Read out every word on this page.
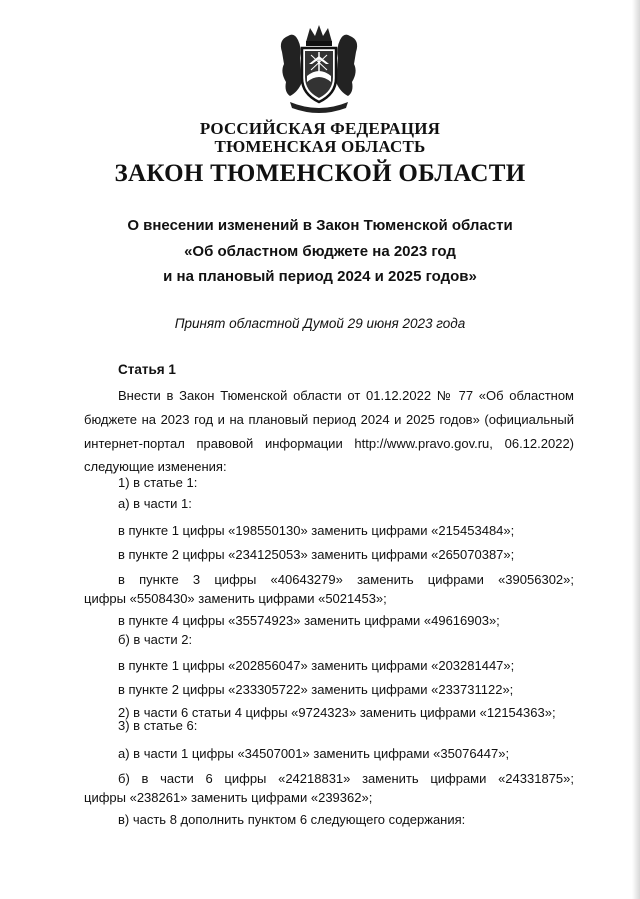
РОССИЙСКАЯ ФЕДЕРАЦИЯ
ТЮМЕНСКАЯ ОБЛАСТЬ
ЗАКОН ТЮМЕНСКОЙ ОБЛАСТИ
О внесении изменений в Закон Тюменской области
«Об областном бюджете на 2023 год
и на плановый период 2024 и 2025 годов»
Принят областной Думой 29 июня 2023 года
Статья 1
Внести в Закон Тюменской области от 01.12.2022 № 77 «Об областном
бюджете на 2023 год и на плановый период 2024 и 2025 годов» (официальный
интернет-портал правовой информации http://www.pravo.gov.ru, 06.12.2022)
следующие изменения:
1) в статье 1:
а) в части 1:
в пункте 1 цифры «198550130» заменить цифрами «215453484»;
в пункте 2 цифры «234125053» заменить цифрами «265070387»;
в пункте 3 цифры «40643279» заменить цифрами «39056302»;
цифры «5508430» заменить цифрами «5021453»;
в пункте 4 цифры «35574923» заменить цифрами «49616903»;
б) в части 2:
в пункте 1 цифры «202856047» заменить цифрами «203281447»;
в пункте 2 цифры «233305722» заменить цифрами «233731122»;
2) в части 6 статьи 4 цифры «9724323» заменить цифрами «12154363»;
3) в статье 6:
а) в части 1 цифры «34507001» заменить цифрами «35076447»;
б) в части 6 цифры «24218831» заменить цифрами «24331875»;
цифры «238261» заменить цифрами «239362»;
в) часть 8 дополнить пунктом 6 следующего содержания:
